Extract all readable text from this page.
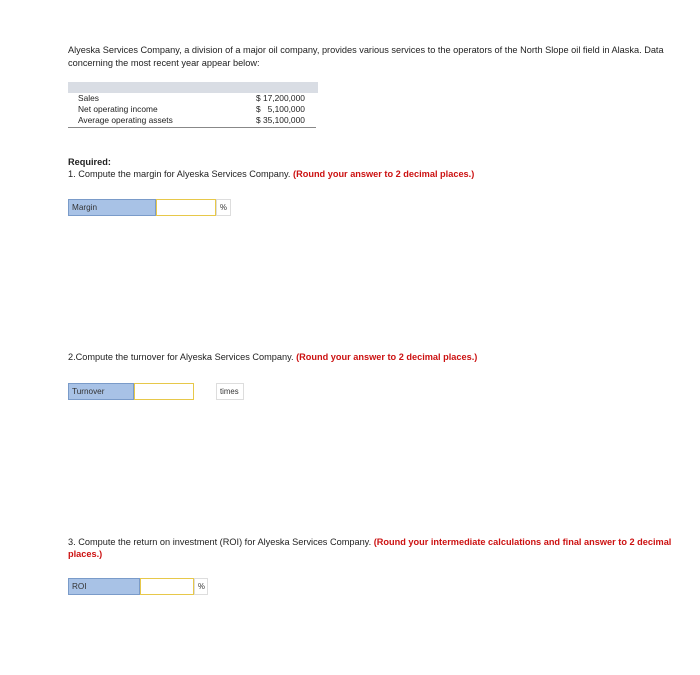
Alyeska Services Company, a division of a major oil company, provides various services to the operators of the North Slope oil field in Alaska. Data concerning the most recent year appear below:
Sales	$ 17,200,000
Net operating income	$   5,100,000
Average operating assets	$ 35,100,000
Required:
1. Compute the margin for Alyeska Services Company. (Round your answer to 2 decimal places.)
Margin	%
2.Compute the turnover for Alyeska Services Company. (Round your answer to 2 decimal places.)
Turnover	times
3. Compute the return on investment (ROI) for Alyeska Services Company. (Round your intermediate calculations and final answer to 2 decimal places.)
ROI	%
